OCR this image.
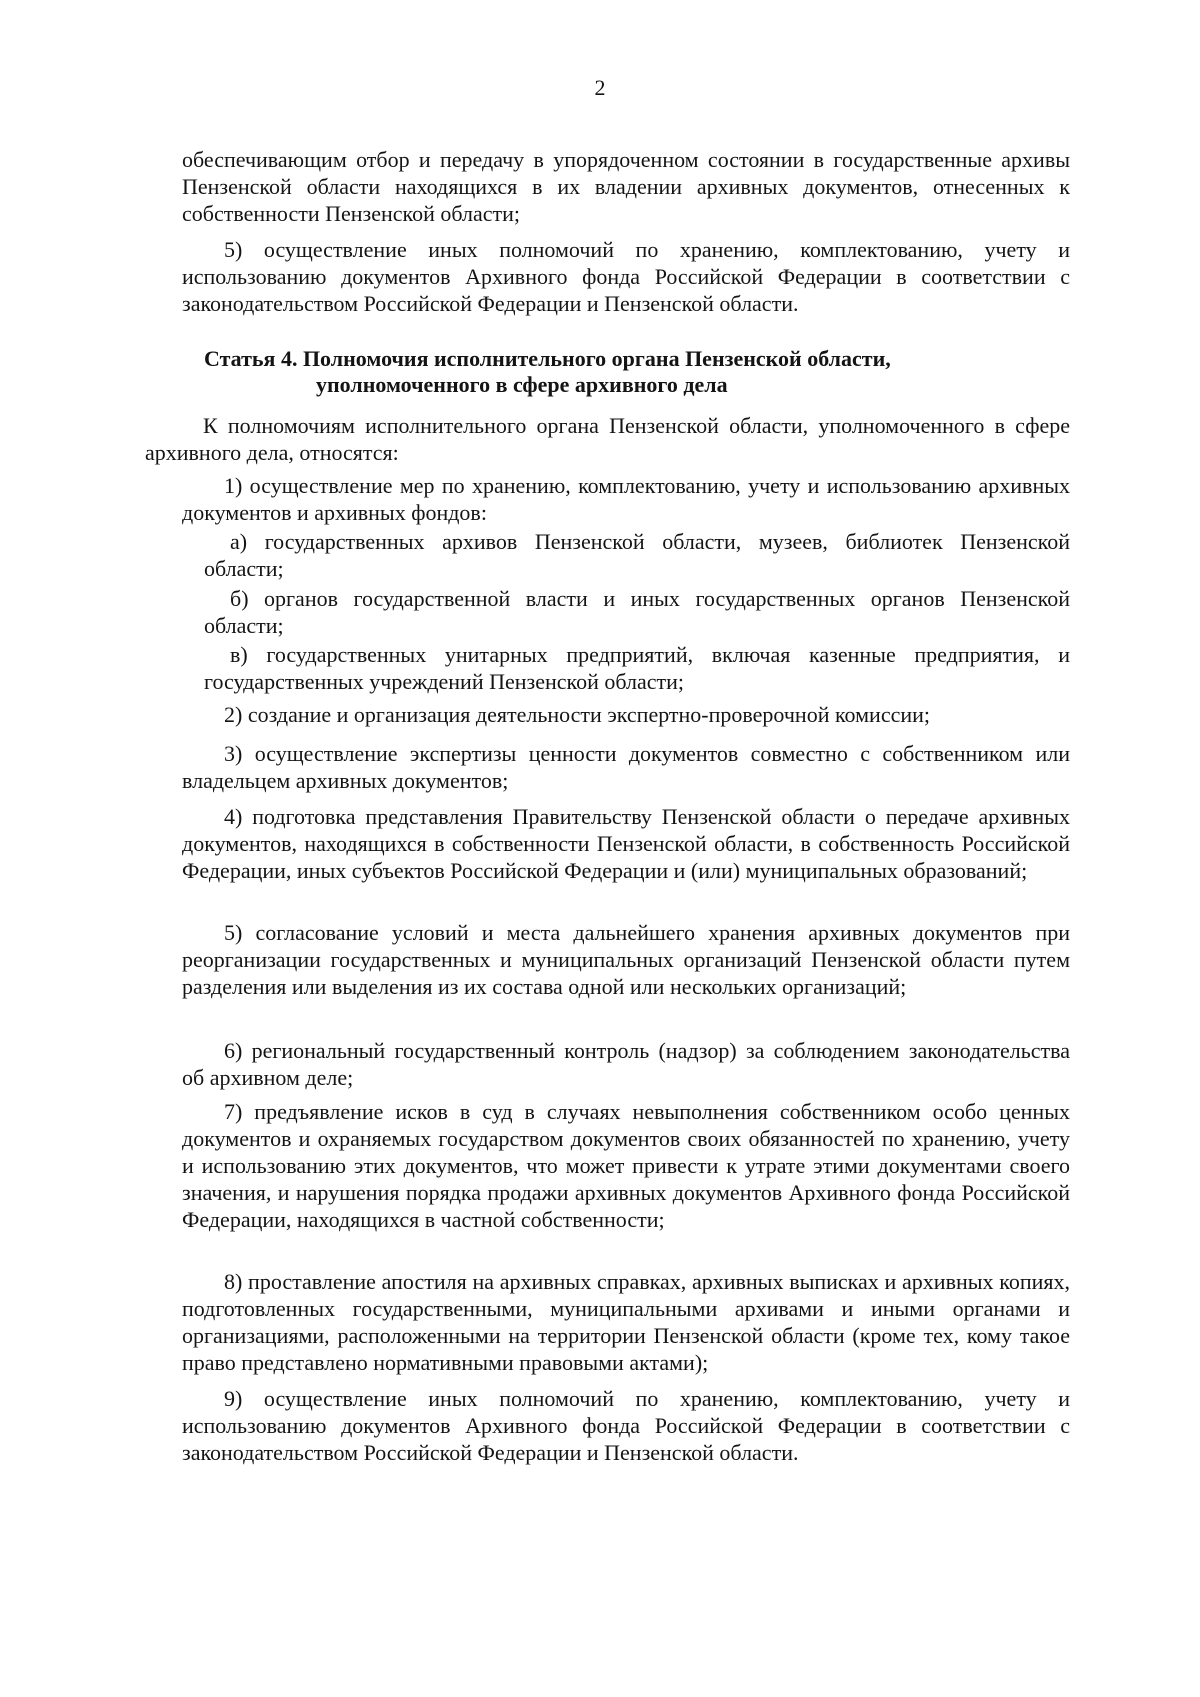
2
обеспечивающим отбор и передачу в упорядоченном состоянии в государственные архивы Пензенской области находящихся в их владении архивных документов, отнесенных к собственности Пензенской области;
5) осуществление иных полномочий по хранению, комплектованию, учету и использованию документов Архивного фонда Российской Федерации в соответствии с законодательством Российской Федерации и Пензенской области.
Статья 4. Полномочия исполнительного органа Пензенской области,
уполномоченного в сфере архивного дела
К полномочиям исполнительного органа Пензенской области, уполномоченного в сфере архивного дела, относятся:
1) осуществление мер по хранению, комплектованию, учету и использованию архивных документов и архивных фондов:
а) государственных архивов Пензенской области, музеев, библиотек Пензенской области;
б) органов государственной власти и иных государственных органов Пензенской области;
в) государственных унитарных предприятий, включая казенные предприятия, и государственных учреждений Пензенской области;
2) создание и организация деятельности экспертно-проверочной комиссии;
3) осуществление экспертизы ценности документов совместно с собственником или владельцем архивных документов;
4) подготовка представления Правительству Пензенской области о передаче архивных документов, находящихся в собственности Пензенской области, в собственность Российской Федерации, иных субъектов Российской Федерации и (или) муниципальных образований;
5) согласование условий и места дальнейшего хранения архивных документов при реорганизации государственных и муниципальных организаций Пензенской области путем разделения или выделения из их состава одной или нескольких организаций;
6) региональный государственный контроль (надзор) за соблюдением законодательства об архивном деле;
7) предъявление исков в суд в случаях невыполнения собственником особо ценных документов и охраняемых государством документов своих обязанностей по хранению, учету и использованию этих документов, что может привести к утрате этими документами своего значения, и нарушения порядка продажи архивных документов Архивного фонда Российской Федерации, находящихся в частной собственности;
8) проставление апостиля на архивных справках, архивных выписках и архивных копиях, подготовленных государственными, муниципальными архивами и иными органами и организациями, расположенными на территории Пензенской области (кроме тех, кому такое право представлено нормативными правовыми актами);
9) осуществление иных полномочий по хранению, комплектованию, учету и использованию документов Архивного фонда Российской Федерации в соответствии с законодательством Российской Федерации и Пензенской области.
